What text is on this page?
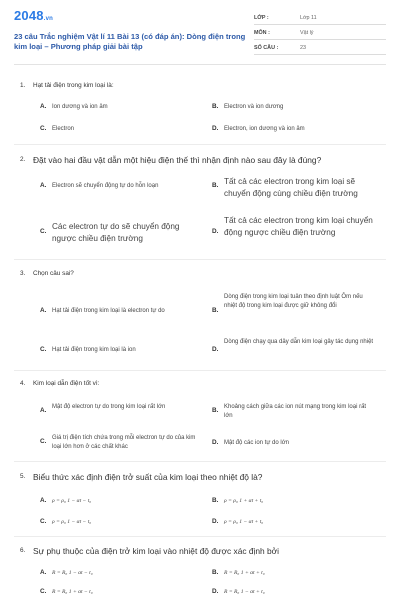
2048.vn
23 câu Trắc nghiệm Vật lí 11 Bài 13 (có đáp án): Dòng điện trong kim loại – Phương pháp giải bài tập
LỚP :	Lớp 11
MÔN :	Vật lý
SỐ CÂU :	23
1. Hạt tải điện trong kim loại là:
A. Ion dương và ion âm	B. Electron và ion dương
C. Electron	D. Electron, ion dương và ion âm
2. Đặt vào hai đầu vật dẫn một hiệu điện thế thì nhận định nào sau đây là đúng?
A. Electron sẽ chuyển động tự do hỗn loạn	B. Tất cả các electron trong kim loại sẽ chuyển động cùng chiều điện trường
C.
Các electron tự do sẽ chuyển động ngược chiều điện trường
D.
Tất cả các electron trong kim loại chuyển động ngược chiều điện trường
3. Chọn câu sai?
A. Hạt tải điện trong kim loại là electron tự do	B.
Dòng điện trong kim loại tuân theo định luật Ôm nếu nhiệt độ trong kim loại được giữ không đổi
C. Hạt tải điện trong kim loại là ion	D.
Dòng điện chạy qua dây dẫn kim loại gây tác dụng nhiệt
4. Kim loại dẫn điện tốt vì:
A. Mật độ electron tự do trong kim loại rất lớn	B. Khoảng cách giữa các ion nút mạng trong kim loại rất lớn
C. Giá trị điện tích chứa trong mỗi electron tự do của kim loại lớn hơn ở các chất khác
D. Mật độ các ion tự do lớn
5. Biểu thức xác định điện trở suất của kim loại theo nhiệt độ là?
A. ρ = ρ₀ 1 − αt − t₀	B. ρ = ρ₀ 1 + αt + t₀
C. ρ = ρ₀ 1 − αt − t₀	D. ρ = ρ₀ 1 − αt + t₀
6. Sự phụ thuộc của điện trở kim loại vào nhiệt độ được xác định bởi
A. R = R₀ 1 − αt − t₀	B. R = R₀ 1 + αt + t₀
C. R = R₀ 1 + αt − t₀	D. R = R₀ 1 − αt + t₀
